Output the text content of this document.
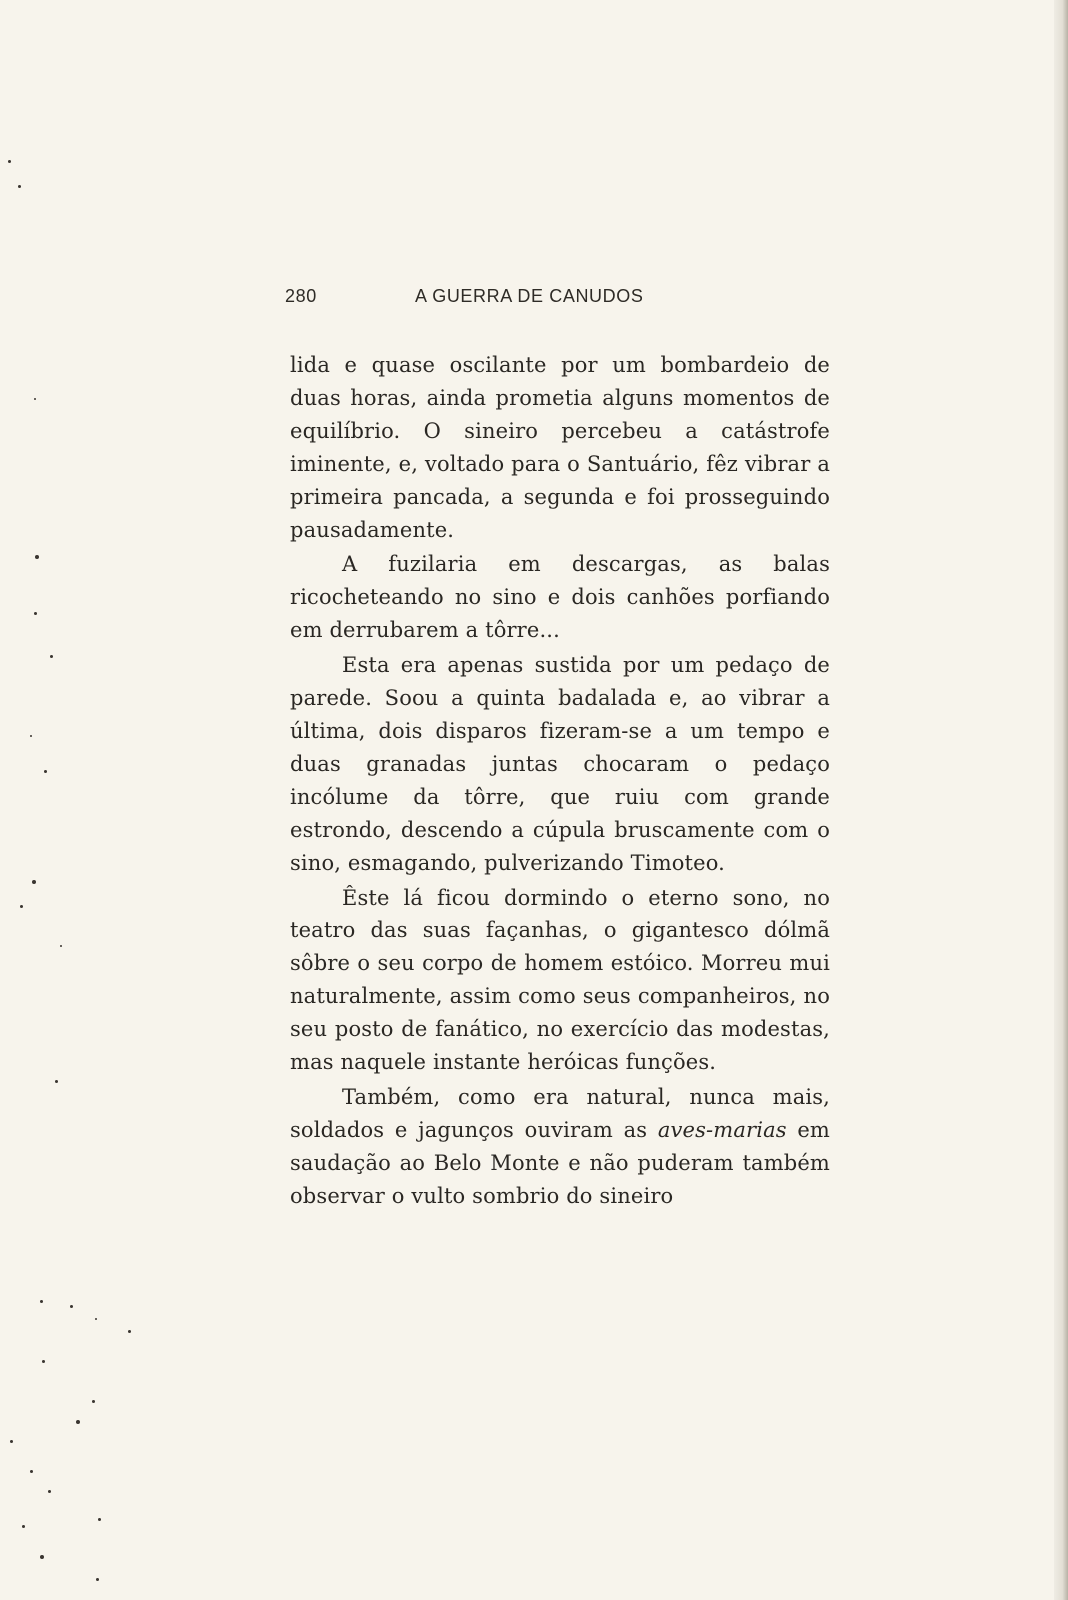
280	A GUERRA DE CANUDOS

lida e quase oscilante por um bombardeio de duas horas, ainda prometia alguns momentos de equilíbrio. O sineiro percebeu a catástrofe iminente, e, voltado para o Santuário, fêz vibrar a primeira pancada, a segunda e foi prosseguindo pausadamente.

A fuzilaria em descargas, as balas ricocheteando no sino e dois canhões porfiando em derrubarem a tôrre...

Esta era apenas sustida por um pedaço de parede. Soou a quinta badalada e, ao vibrar a última, dois disparos fizeram-se a um tempo e duas granadas juntas chocaram o pedaço incólume da tôrre, que ruiu com grande estrondo, descendo a cúpula bruscamente com o sino, esmagando, pulverizando Timoteo.

Êste lá ficou dormindo o eterno sono, no teatro das suas façanhas, o gigantesco dólmã sôbre o seu corpo de homem estóico. Morreu mui naturalmente, assim como seus companheiros, no seu posto de fanático, no exercício das modestas, mas naquele instante heróicas funções.

Também, como era natural, nunca mais, soldados e jagunços ouviram as aves-marias em saudação ao Belo Monte e não puderam também observar o vulto sombrio do sineiro
